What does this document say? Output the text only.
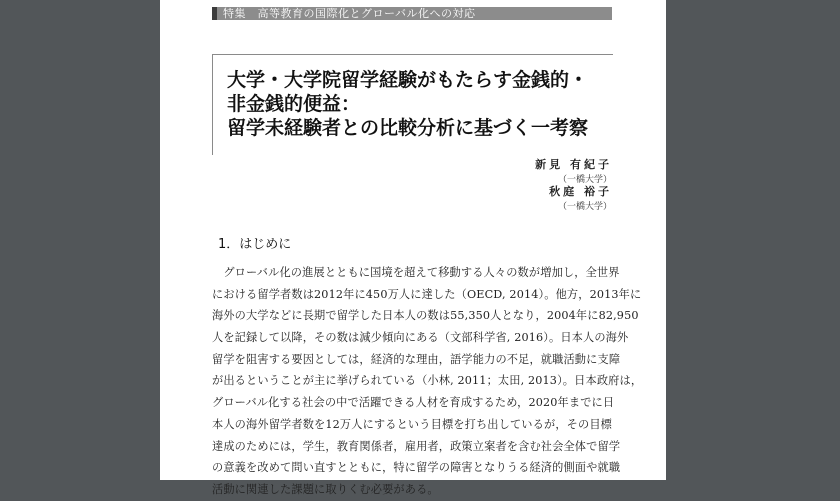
特集　高等教育の国際化とグローバル化への対応
大学・大学院留学経験がもたらす金銭的・
非金銭的便益：
留学未経験者との比較分析に基づく一考察
新見 有紀子
（一橋大学）
秋庭 裕子
（一橋大学）
1．はじめに
　グローバル化の進展とともに国境を超えて移動する人々の数が増加し，全世界
における留学者数は2012年に450万人に達した（OECD, 2014）。他方，2013年に
海外の大学などに長期で留学した日本人の数は55,350人となり，2004年に82,950
人を記録して以降，その数は減少傾向にある（文部科学省, 2016）。日本人の海外
留学を阻害する要因としては，経済的な理由，語学能力の不足，就職活動に支障
が出るということが主に挙げられている（小林, 2011；太田, 2013）。日本政府は，
グローバル化する社会の中で活躍できる人材を育成するため，2020年までに日
本人の海外留学者数を12万人にするという目標を打ち出しているが，その目標
達成のためには，学生，教育関係者，雇用者，政策立案者を含む社会全体で留学
の意義を改めて問い直すとともに，特に留学の障害となりうる経済的側面や就職
活動に関連した課題に取りくむ必要がある。
